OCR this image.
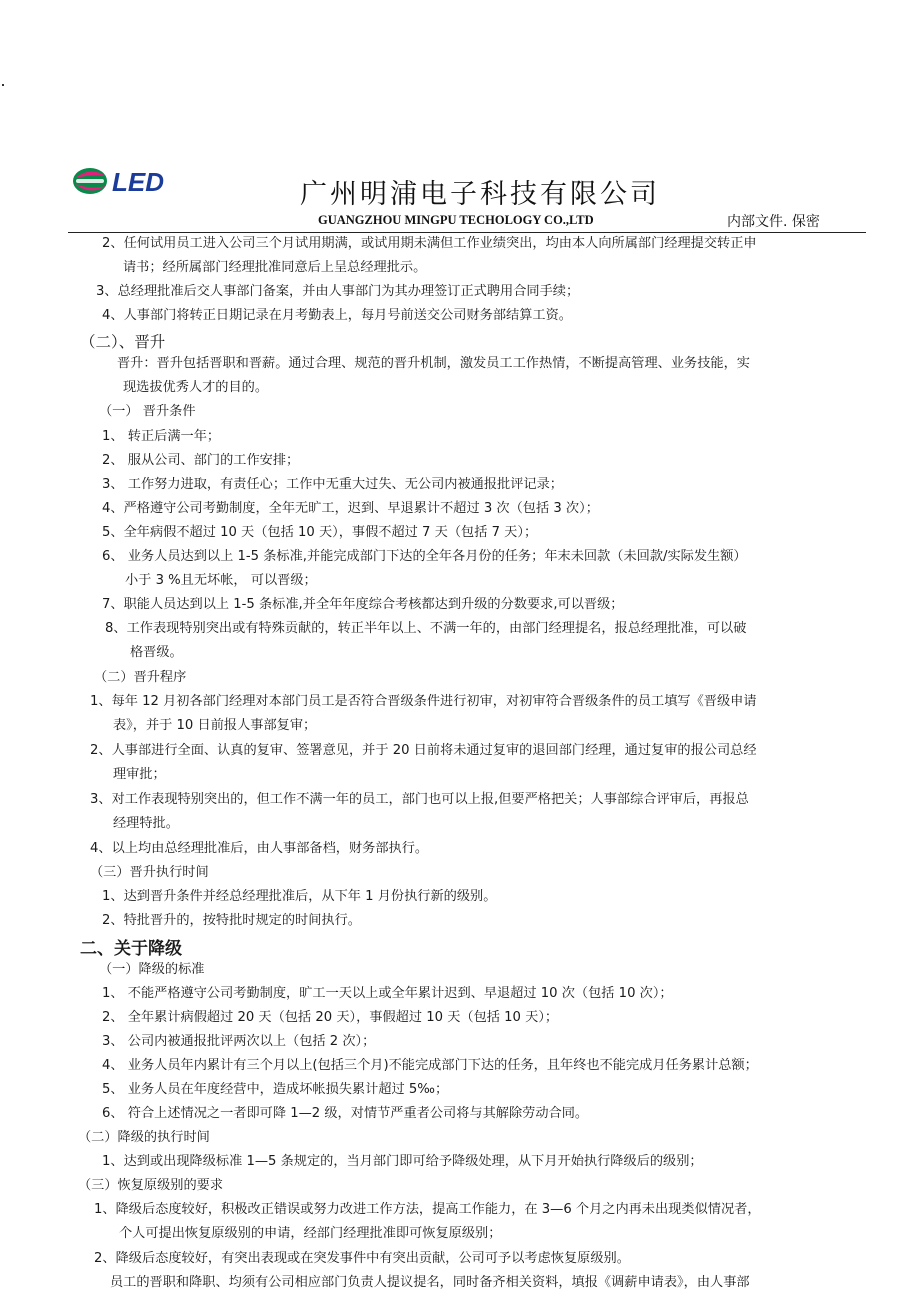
LED	广州明浦电子科技有限公司
GUANGZHOU MINGPU TECHOLOGY CO.,LTD	内部文件. 保密
2、任何试用员工进入公司三个月试用期满，或试用期未满但工作业绩突出，均由本人向所属部门经理提交转正申
请书；经所属部门经理批准同意后上呈总经理批示。
3、总经理批准后交人事部门备案，并由人事部门为其办理签订正式聘用合同手续；
4、人事部门将转正日期记录在月考勤表上，每月号前送交公司财务部结算工资。
（二）、晋升
晋升：晋升包括晋职和晋薪。通过合理、规范的晋升机制，激发员工工作热情，不断提高管理、业务技能，实
现选拔优秀人才的目的。
（一） 晋升条件
1、 转正后满一年；
2、 服从公司、部门的工作安排；
3、 工作努力进取，有责任心；工作中无重大过失、无公司内被通报批评记录；
4、严格遵守公司考勤制度，全年无旷工，迟到、早退累计不超过 3 次（包括 3 次）；
5、全年病假不超过 10 天（包括 10 天），事假不超过 7 天（包括 7 天）；
6、 业务人员达到以上 1-5 条标准,并能完成部门下达的全年各月份的任务；年末未回款（未回款/实际发生额）
小于 3 %且无坏帐， 可以晋级；
7、职能人员达到以上 1-5 条标准,并全年年度综合考核都达到升级的分数要求,可以晋级；
8、工作表现特别突出或有特殊贡献的，转正半年以上、不满一年的，由部门经理提名，报总经理批准，可以破
格晋级。
（二）晋升程序
1、每年 12 月初各部门经理对本部门员工是否符合晋级条件进行初审，对初审符合晋级条件的员工填写《晋级申请
表》，并于 10 日前报人事部复审；
2、人事部进行全面、认真的复审、签署意见，并于 20 日前将未通过复审的退回部门经理，通过复审的报公司总经
理审批；
3、对工作表现特别突出的，但工作不满一年的员工，部门也可以上报,但要严格把关；人事部综合评审后，再报总
经理特批。
4、以上均由总经理批准后，由人事部备档，财务部执行。
（三）晋升执行时间
1、达到晋升条件并经总经理批准后，从下年 1 月份执行新的级别。
2、特批晋升的，按特批时规定的时间执行。
二、关于降级
（一）降级的标准
1、 不能严格遵守公司考勤制度，旷工一天以上或全年累计迟到、早退超过 10 次（包括 10 次）；
2、 全年累计病假超过 20 天（包括 20 天），事假超过 10 天（包括 10 天）；
3、 公司内被通报批评两次以上（包括 2 次）；
4、 业务人员年内累计有三个月以上(包括三个月)不能完成部门下达的任务，且年终也不能完成月任务累计总额；
5、 业务人员在年度经营中，造成坏帐损失累计超过 5‰；
6、 符合上述情况之一者即可降 1—2 级，对情节严重者公司将与其解除劳动合同。
（二）降级的执行时间
1、达到或出现降级标准 1—5 条规定的，当月部门即可给予降级处理，从下月开始执行降级后的级别；
（三）恢复原级别的要求
1、降级后态度较好，积极改正错误或努力改进工作方法，提高工作能力，在 3—6 个月之内再未出现类似情况者，
个人可提出恢复原级别的申请，经部门经理批准即可恢复原级别；
2、降级后态度较好，有突出表现或在突发事件中有突出贡献，公司可予以考虑恢复原级别。
员工的晋职和降职、均须有公司相应部门负责人提议提名，同时备齐相关资料，填报《调薪申请表》，由人事部
